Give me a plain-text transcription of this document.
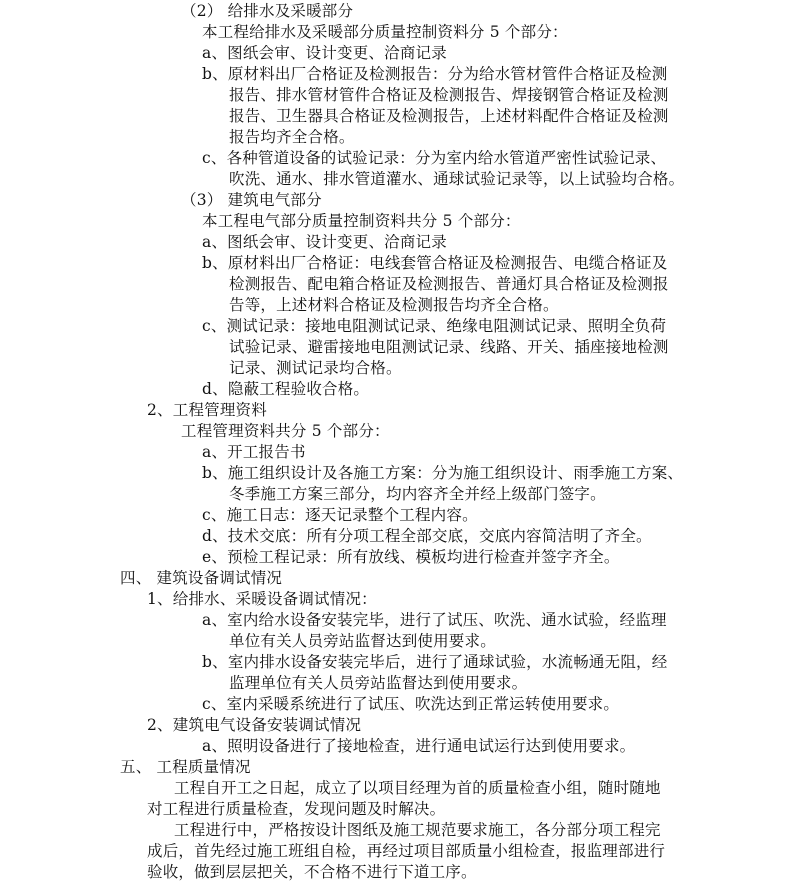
（2） 给排水及采暖部分
本工程给排水及采暖部分质量控制资料分 5 个部分：
a、图纸会审、设计变更、洽商记录
b、原材料出厂合格证及检测报告：分为给水管材管件合格证及检测
报告、排水管材管件合格证及检测报告、焊接钢管合格证及检测
报告、卫生器具合格证及检测报告，上述材料配件合格证及检测
报告均齐全合格。
c、各种管道设备的试验记录：分为室内给水管道严密性试验记录、
吹洗、通水、排水管道灌水、通球试验记录等，以上试验均合格。
（3） 建筑电气部分
本工程电气部分质量控制资料共分 5 个部分：
a、图纸会审、设计变更、洽商记录
b、原材料出厂合格证：电线套管合格证及检测报告、电缆合格证及
检测报告、配电箱合格证及检测报告、普通灯具合格证及检测报
告等，上述材料合格证及检测报告均齐全合格。
c、测试记录：接地电阻测试记录、绝缘电阻测试记录、照明全负荷
试验记录、避雷接地电阻测试记录、线路、开关、插座接地检测
记录、测试记录均合格。
d、隐蔽工程验收合格。
2、工程管理资料
工程管理资料共分 5 个部分：
a、开工报告书
b、施工组织设计及各施工方案：分为施工组织设计、雨季施工方案、
冬季施工方案三部分，均内容齐全并经上级部门签字。
c、施工日志：逐天记录整个工程内容。
d、技术交底：所有分项工程全部交底，交底内容简洁明了齐全。
e、预检工程记录：所有放线、模板均进行检查并签字齐全。
四、 建筑设备调试情况
1、给排水、采暖设备调试情况：
a、室内给水设备安装完毕，进行了试压、吹洗、通水试验，经监理
单位有关人员旁站监督达到使用要求。
b、室内排水设备安装完毕后，进行了通球试验，水流畅通无阻，经
监理单位有关人员旁站监督达到使用要求。
c、室内采暖系统进行了试压、吹洗达到正常运转使用要求。
2、建筑电气设备安装调试情况
a、照明设备进行了接地检查，进行通电试运行达到使用要求。
五、 工程质量情况
工程自开工之日起，成立了以项目经理为首的质量检查小组，随时随地
对工程进行质量检查，发现问题及时解决。
工程进行中，严格按设计图纸及施工规范要求施工，各分部分项工程完
成后，首先经过施工班组自检，再经过项目部质量小组检查，报监理部进行
验收，做到层层把关，不合格不进行下道工序。
